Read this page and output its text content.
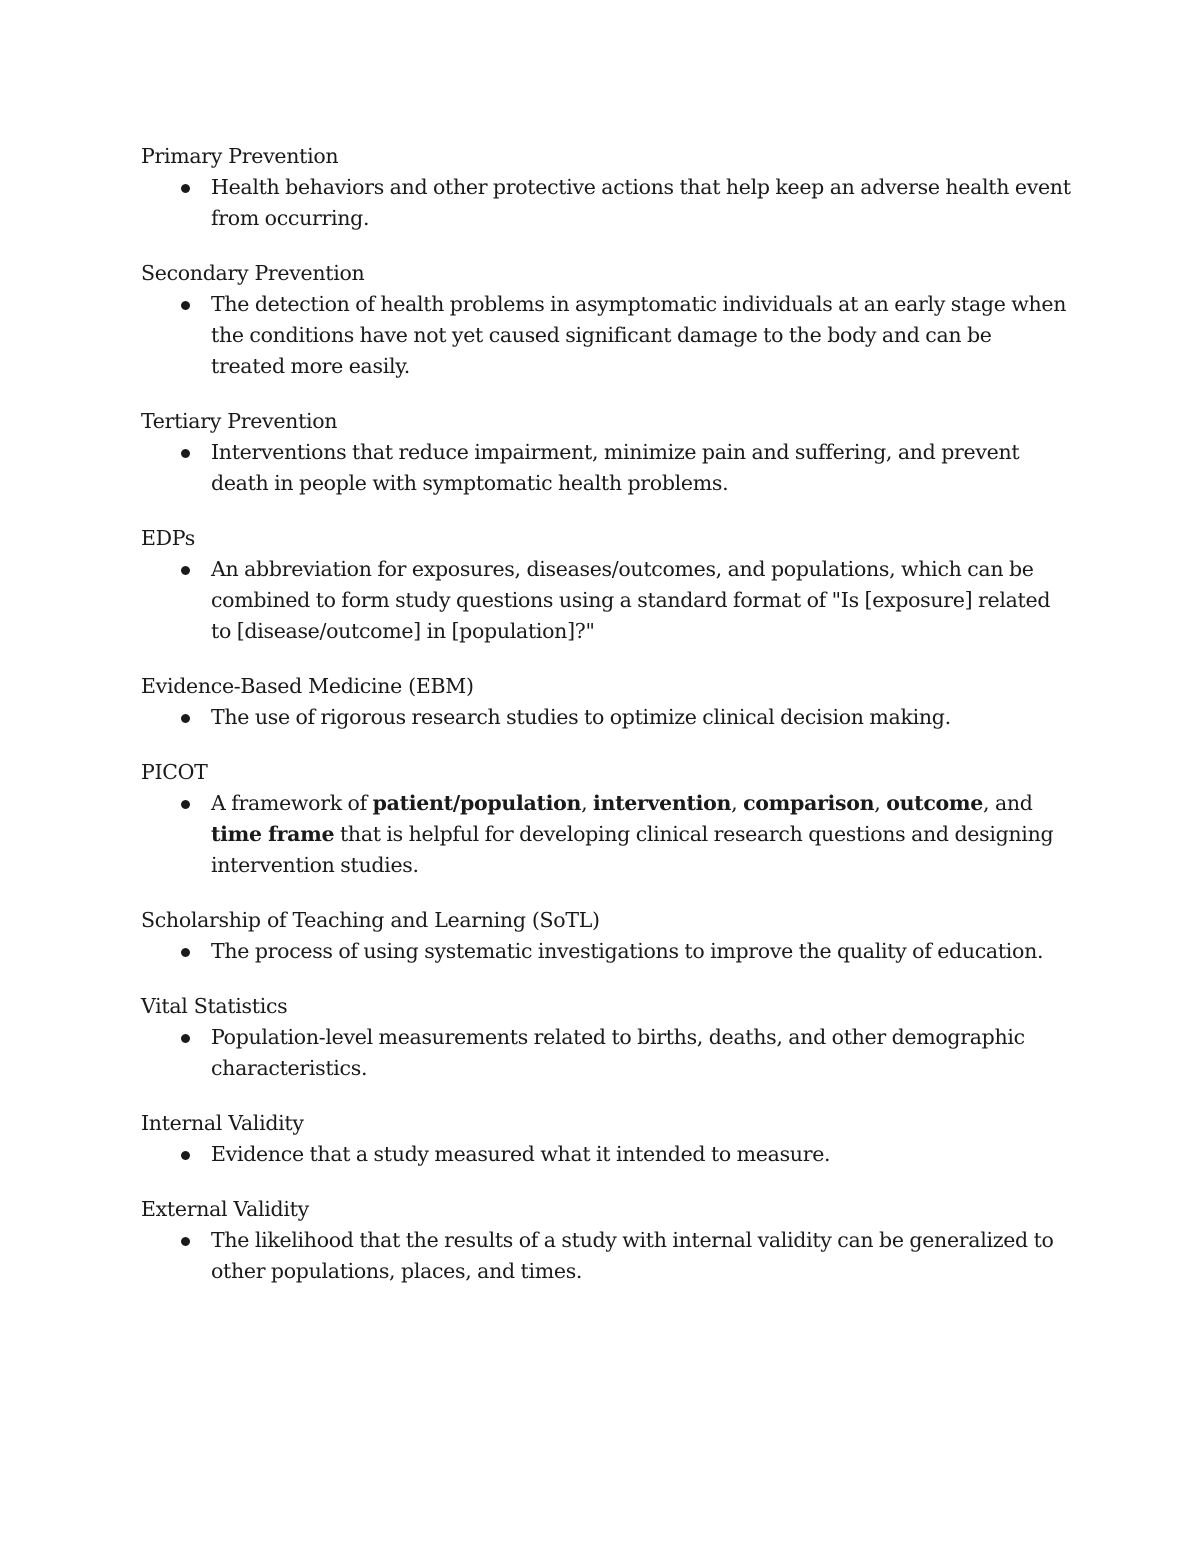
Primary Prevention
Health behaviors and other protective actions that help keep an adverse health event from occurring.
Secondary Prevention
The detection of health problems in asymptomatic individuals at an early stage when the conditions have not yet caused significant damage to the body and can be treated more easily.
Tertiary Prevention
Interventions that reduce impairment, minimize pain and suffering, and prevent death in people with symptomatic health problems.
EDPs
An abbreviation for exposures, diseases/outcomes, and populations, which can be combined to form study questions using a standard format of "Is [exposure] related to [disease/outcome] in [population]?"
Evidence-Based Medicine (EBM)
The use of rigorous research studies to optimize clinical decision making.
PICOT
A framework of patient/population, intervention, comparison, outcome, and time frame that is helpful for developing clinical research questions and designing intervention studies.
Scholarship of Teaching and Learning (SoTL)
The process of using systematic investigations to improve the quality of education.
Vital Statistics
Population-level measurements related to births, deaths, and other demographic characteristics.
Internal Validity
Evidence that a study measured what it intended to measure.
External Validity
The likelihood that the results of a study with internal validity can be generalized to other populations, places, and times.
